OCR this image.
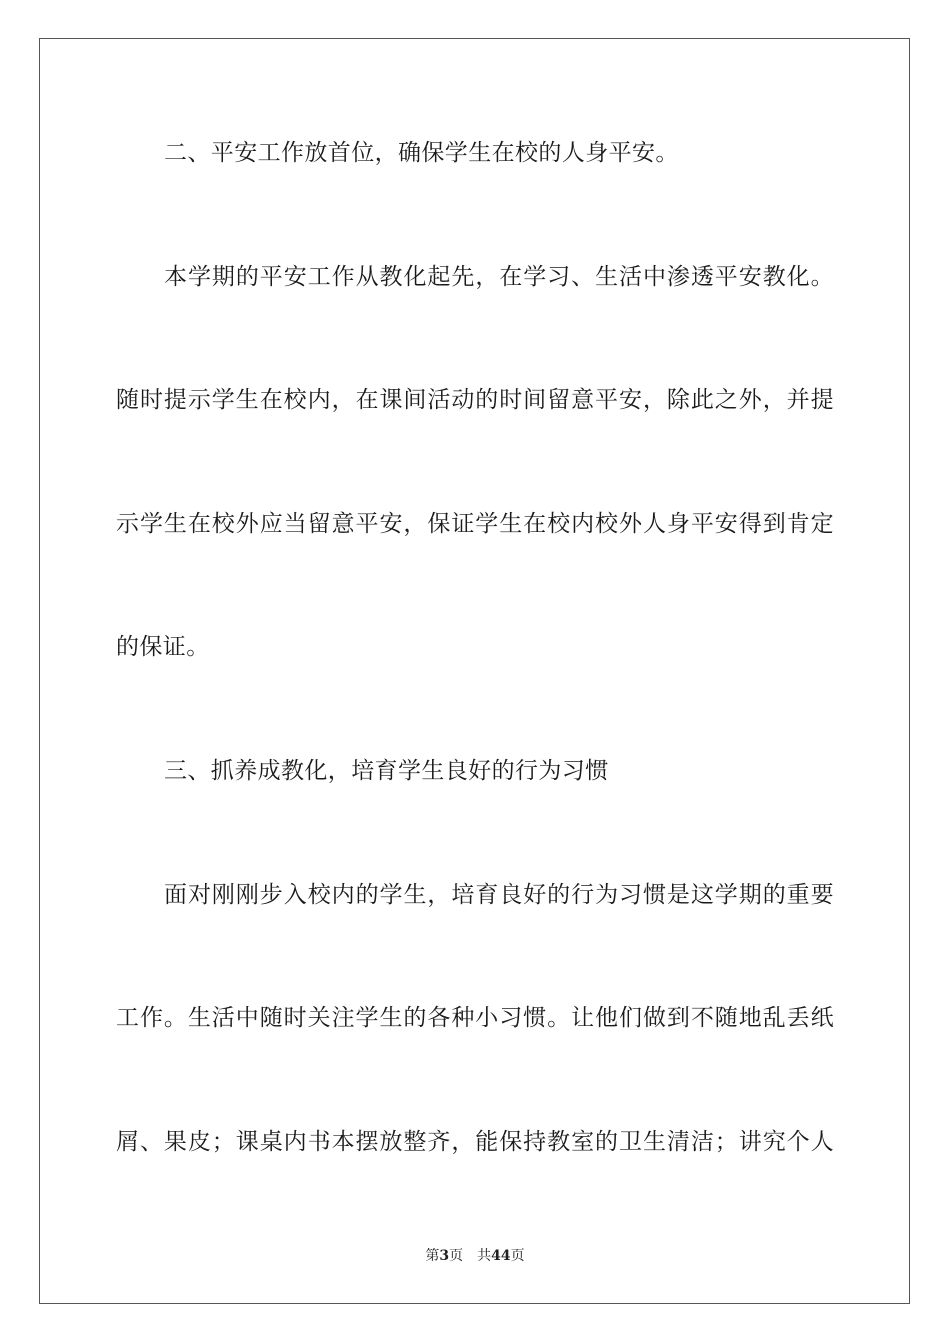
二、平安工作放首位，确保学生在校的人身平安。
本学期的平安工作从教化起先，在学习、生活中渗透平安教化。
随时提示学生在校内，在课间活动的时间留意平安，除此之外，并提
示学生在校外应当留意平安，保证学生在校内校外人身平安得到肯定
的保证。
三、抓养成教化，培育学生良好的行为习惯
面对刚刚步入校内的学生，培育良好的行为习惯是这学期的重要
工作。生活中随时关注学生的各种小习惯。让他们做到不随地乱丢纸
屑、果皮；课桌内书本摆放整齐，能保持教室的卫生清洁；讲究个人
第3页 共44页
